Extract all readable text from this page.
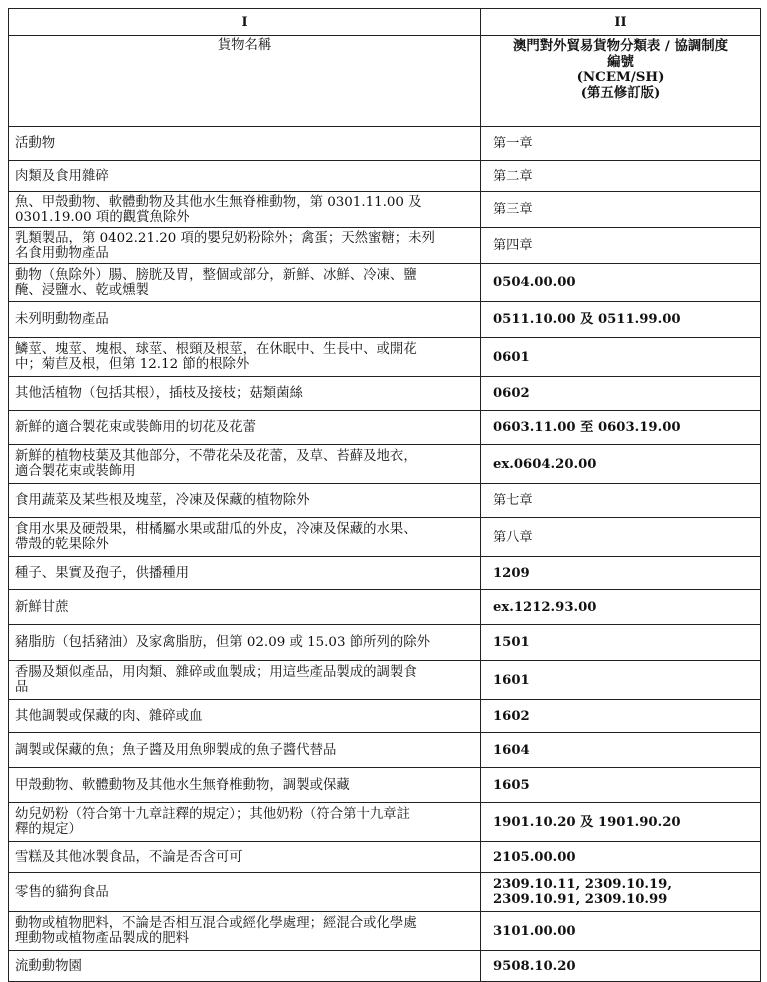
I	II
貨物名稱	澳門對外貿易貨物分類表 / 協調制度
編號
(NCEM/SH)
(第五修訂版)

活動物	第一章

肉類及食用雜碎	第二章

魚、甲殼動物、軟體動物及其他水生無脊椎動物，第 0301.11.00 及
0301.19.00 項的觀賞魚除外	第三章

乳類製品，第 0402.21.20 項的嬰兒奶粉除外；禽蛋；天然蜜糖；未列
名食用動物產品	第四章

動物（魚除外）腸、膀胱及胃，整個或部分，新鮮、冰鮮、冷凍、鹽
醃、浸鹽水、乾或燻製	0504.00.00

未列明動物產品	0511.10.00 及 0511.99.00

鱗莖、塊莖、塊根、球莖、根頸及根莖，在休眠中、生長中、或開花
中；菊苣及根，但第 12.12 節的根除外	0601

其他活植物（包括其根），插枝及接枝；菇類菌絲	0602

新鮮的適合製花束或裝飾用的切花及花蕾	0603.11.00 至 0603.19.00

新鮮的植物枝葉及其他部分，不帶花朵及花蕾，及草、苔蘚及地衣，
適合製花束或裝飾用	ex.0604.20.00

食用蔬菜及某些根及塊莖，冷凍及保藏的植物除外	第七章

食用水果及硬殼果，柑橘屬水果或甜瓜的外皮，冷凍及保藏的水果、
帶殼的乾果除外	第八章

種子、果實及孢子，供播種用	1209

新鮮甘蔗	ex.1212.93.00

豬脂肪（包括豬油）及家禽脂肪，但第 02.09 或 15.03 節所列的除外	1501

香腸及類似產品，用肉類、雜碎或血製成；用這些產品製成的調製食
品	1601

其他調製或保藏的肉、雜碎或血	1602

調製或保藏的魚；魚子醬及用魚卵製成的魚子醬代替品	1604

甲殼動物、軟體動物及其他水生無脊椎動物，調製或保藏	1605

幼兒奶粉（符合第十九章註釋的規定）；其他奶粉（符合第十九章註
釋的規定）	1901.10.20 及 1901.90.20

雪糕及其他冰製食品，不論是否含可可	2105.00.00

零售的貓狗食品	2309.10.11, 2309.10.19,
2309.10.91, 2309.10.99

動物或植物肥料，不論是否相互混合或經化學處理；經混合或化學處
理動物或植物產品製成的肥料	3101.00.00

流動動物園	9508.10.20
